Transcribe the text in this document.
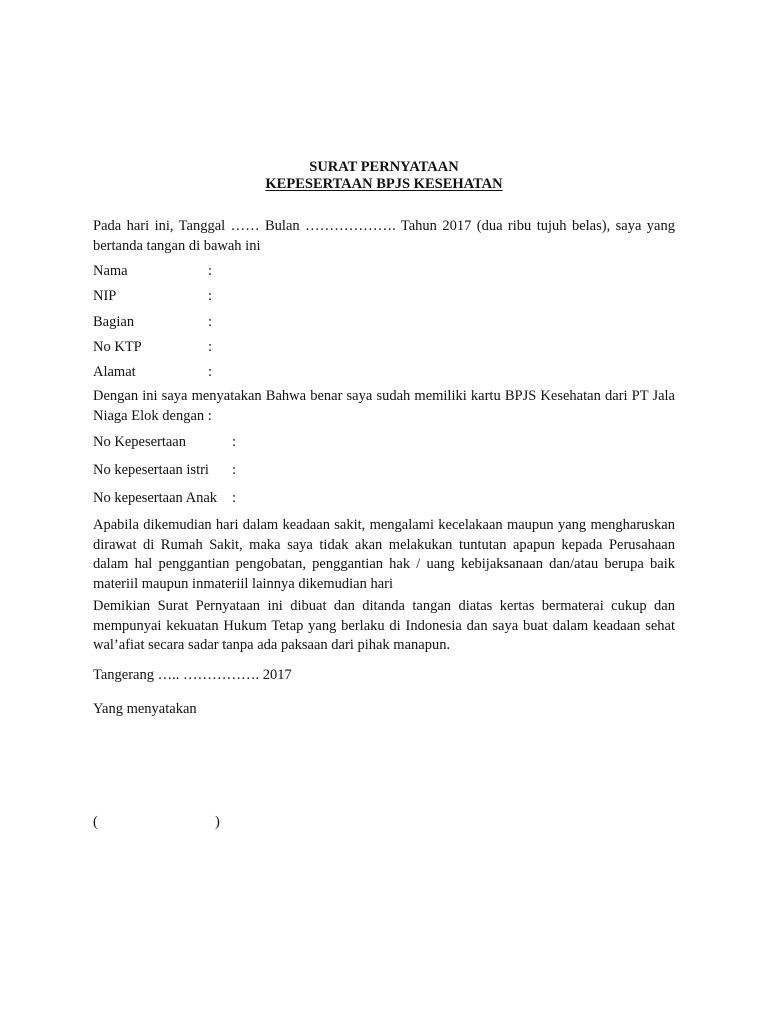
SURAT PERNYATAAN
KEPESERTAAN BPJS KESEHATAN

Pada hari ini, Tanggal …… Bulan ………………. Tahun 2017 (dua ribu tujuh belas), saya yang bertanda tangan di bawah ini

Nama	:
NIP	:
Bagian	:
No KTP	:
Alamat	:

Dengan ini saya menyatakan Bahwa benar saya sudah memiliki kartu BPJS Kesehatan dari PT Jala Niaga Elok dengan :

No Kepesertaan	:
No kepesertaan istri :
No kepesertaan Anak :

Apabila dikemudian hari dalam keadaan sakit, mengalami kecelakaan maupun yang mengharuskan dirawat di Rumah Sakit, maka saya tidak akan melakukan tuntutan apapun kepada Perusahaan dalam hal penggantian pengobatan, penggantian hak / uang kebijaksanaan dan/atau berupa baik materiil maupun inmateriil lainnya dikemudian hari

Demikian Surat Pernyataan ini dibuat dan ditanda tangan diatas kertas bermaterai cukup dan mempunyai kekuatan Hukum Tetap yang berlaku di Indonesia dan saya buat dalam keadaan sehat wal’afiat secara sadar tanpa ada paksaan dari pihak manapun.

Tangerang ….. ……………. 2017
Yang menyatakan
(	)
